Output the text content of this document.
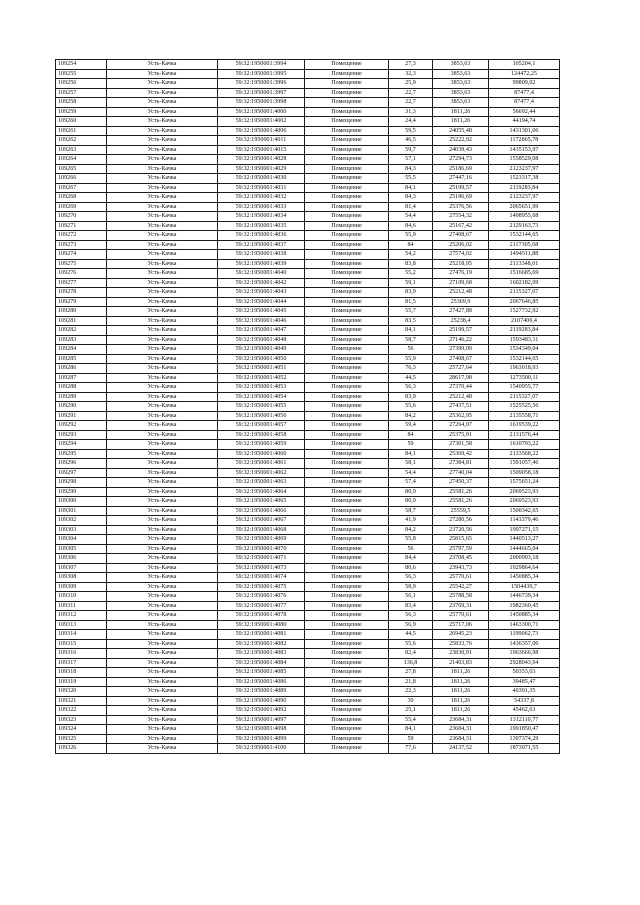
109254	Усть-Качка	59:32:1950001:3994	Помещение	27,3	3853,63	105204,1
109255	Усть-Качка	59:32:1950001:3995	Помещение	32,3	3853,63	124472,25
109256	Усть-Качка	59:32:1950001:3996	Помещение	25,9	3853,63	99809,02
109257	Усть-Качка	59:32:1950001:3997	Помещение	22,7	3853,63	87477,4
109258	Усть-Качка	59:32:1950001:3998	Помещение	22,7	3853,63	87477,4
109259	Усть-Качка	59:32:1950001:4000	Помещение	31,3	1811,26	56692,44
109260	Усть-Качка	59:32:1950001:4002	Помещение	24,4	1811,26	44194,74
109261	Усть-Качка	59:32:1950001:4006	Помещение	59,5	24055,48	1431301,06
109262	Усть-Качка	59:32:1950001:4011	Помещение	46,5	25222,92	1172865,78
109263	Усть-Качка	59:32:1950001:4015	Помещение	59,7	24039,43	1435153,97
109264	Усть-Качка	59:32:1950001:4028	Помещение	57,1	27294,73	1558529,08
109265	Усть-Качка	59:32:1950001:4029	Помещение	84,3	25186,69	2123237,97
109266	Усть-Качка	59:32:1950001:4030	Помещение	55,5	27447,16	1523317,38
109267	Усть-Качка	59:32:1950001:4031	Помещение	84,1	25199,57	2119283,84
109268	Усть-Качка	59:32:1950001:4032	Помещение	84,3	25186,69	2123237,97
109269	Усть-Качка	59:32:1950001:4033	Помещение	81,4	25376,56	2065651,99
109270	Усть-Качка	59:32:1950001:4034	Помещение	54,4	27554,32	1498955,08
109271	Усть-Качка	59:32:1950001:4035	Помещение	84,6	25167,42	2129163,73
109272	Усть-Качка	59:32:1950001:4036	Помещение	55,9	27408,67	1532144,65
109273	Усть-Качка	59:32:1950001:4037	Помещение	84	25206,02	2117305,68
109274	Усть-Качка	59:32:1950001:4038	Помещение	54,2	27574,02	1494511,88
109275	Усть-Качка	59:32:1950001:4039	Помещение	83,8	25218,95	2113348,01
109276	Усть-Качка	59:32:1950001:4040	Помещение	55,2	27476,19	1516685,69
109277	Усть-Качка	59:32:1950001:4042	Помещение	59,1	27109,68	1602182,09
109278	Усть-Качка	59:32:1950001:4043	Помещение	83,9	25212,48	2115327,07
109279	Усть-Качка	59:32:1950001:4044	Помещение	81,5	25369,9	2067646,85
109280	Усть-Качка	59:32:1950001:4045	Помещение	55,7	27427,88	1527732,92
109281	Усть-Качка	59:32:1950001:4046	Помещение	83,5	25238,4	2107406,4
109282	Усть-Качка	59:32:1950001:4047	Помещение	84,1	25199,57	2119283,84
109283	Усть-Качка	59:32:1950001:4048	Помещение	58,7	27146,22	1593483,11
109284	Усть-Качка	59:32:1950001:4049	Помещение	56	27399,09	1534349,04
109285	Усть-Качка	59:32:1950001:4050	Помещение	55,9	27408,67	1532144,65
109286	Усть-Качка	59:32:1950001:4051	Помещение	76,3	25727,64	1963018,93
109287	Усть-Качка	59:32:1950001:4052	Помещение	44,5	28617,98	1273500,11
109288	Усть-Качка	59:32:1950001:4053	Помещение	56,3	27370,44	1540955,77
109289	Усть-Качка	59:32:1950001:4054	Помещение	83,9	25212,48	2115327,07
109290	Усть-Качка	59:32:1950001:4055	Помещение	55,6	27437,51	1525525,56
109291	Усть-Качка	59:32:1950001:4056	Помещение	84,2	25362,95	2135558,71
109292	Усть-Качка	59:32:1950001:4057	Помещение	59,4	27264,97	1619539,22
109293	Усть-Качка	59:32:1950001:4058	Помещение	84	25375,91	2131576,44
109294	Усть-Качка	59:32:1950001:4059	Помещение	59	27301,58	1610793,22
109295	Усть-Качка	59:32:1950001:4060	Помещение	84,1	25369,42	2133568,22
109296	Усть-Качка	59:32:1950001:4061	Помещение	58,1	27384,81	1591057,46
109297	Усть-Качка	59:32:1950001:4062	Помещение	54,4	27740,04	1509058,18
109298	Усть-Качка	59:32:1950001:4063	Помещение	57,4	27450,37	1575651,24
109299	Усть-Качка	59:32:1950001:4064	Помещение	80,9	25581,26	2069523,93
109300	Усть-Качка	59:32:1950001:4065	Помещение	80,9	25581,26	2069523,93
109301	Усть-Качка	59:32:1950001:4066	Помещение	58,7	25559,5	1500342,65
109302	Усть-Качка	59:32:1950001:4067	Помещение	41,9	27280,56	1143379,46
109303	Усть-Качка	59:32:1950001:4068	Помещение	84,2	23720,56	1997271,15
109304	Усть-Качка	59:32:1950001:4069	Помещение	55,8	25815,65	1440513,27
109305	Усть-Качка	59:32:1950001:4070	Помещение	56	25797,59	1444665,04
109306	Усть-Качка	59:32:1950001:4071	Помещение	84,4	23708,45	2000993,18
109307	Усть-Качка	59:32:1950001:4073	Помещение	80,6	23943,73	1929864,64
109308	Усть-Качка	59:32:1950001:4074	Помещение	56,3	25770,61	1450885,34
109309	Усть-Качка	59:32:1950001:4075	Помещение	58,9	25542,27	1504439,7
109310	Усть-Качка	59:32:1950001:4076	Помещение	56,1	25788,58	1446739,34
109311	Усть-Качка	59:32:1950001:4077	Помещение	83,4	23769,31	1982360,45
109312	Усть-Качка	59:32:1950001:4078	Помещение	56,3	25770,61	1450885,34
109313	Усть-Качка	59:32:1950001:4080	Помещение	56,9	25717,06	1463300,71
109314	Усть-Качка	59:32:1950001:4081	Помещение	44,5	26945,23	1199062,73
109315	Усть-Качка	59:32:1950001:4082	Помещение	55,6	25833,76	1436357,06
109316	Усть-Качка	59:32:1950001:4083	Помещение	82,4	23830,91	1963666,98
109317	Усть-Качка	59:32:1950001:4084	Помещение	136,8	21403,83	2928043,94
109318	Усть-Качка	59:32:1950001:4085	Помещение	27,8	1811,26	50353,03
109319	Усть-Качка	59:32:1950001:4086	Помещение	21,8	1811,26	39485,47
109320	Усть-Качка	59:32:1950001:4089	Помещение	22,3	1811,26	40391,35
109321	Усть-Качка	59:32:1950001:4090	Помещение	30	1811,26	54337,8
109322	Усть-Качка	59:32:1950001:4092	Помещение	25,1	1811,26	45462,63
109323	Усть-Качка	59:32:1950001:4097	Помещение	55,4	23684,31	1312110,77
109324	Усть-Качка	59:32:1950001:4098	Помещение	84,1	23684,31	1991850,47
109325	Усть-Качка	59:32:1950001:4099	Помещение	59	23684,31	1397374,29
109326	Усть-Качка	59:32:1950001:4100	Помещение	77,6	24137,52	1873071,55
